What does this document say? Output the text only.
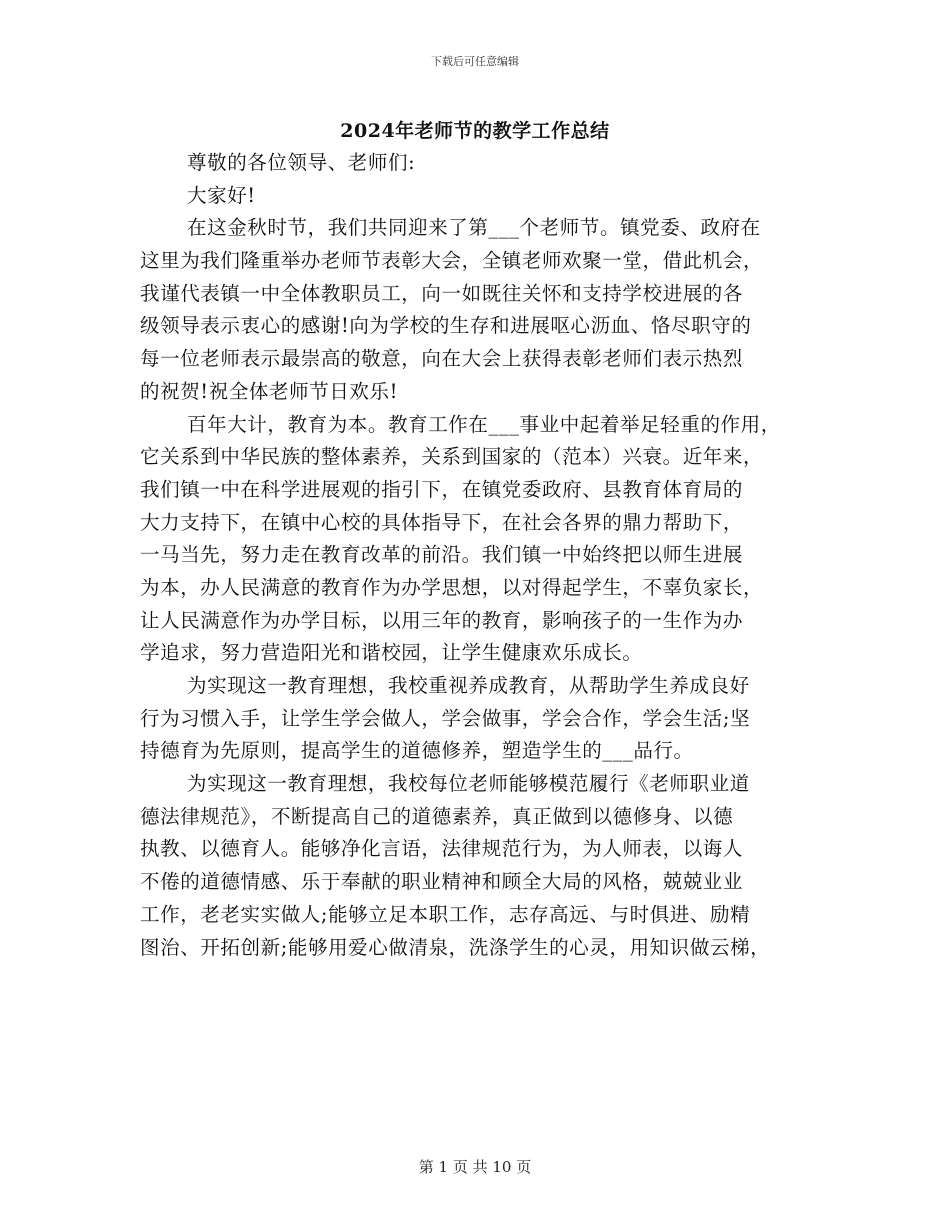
下载后可任意编辑
2024年老师节的教学工作总结
尊敬的各位领导、老师们:
大家好!
在这金秋时节，我们共同迎来了第___个老师节。镇党委、政府在
这里为我们隆重举办老师节表彰大会，全镇老师欢聚一堂，借此机会，
我谨代表镇一中全体教职员工，向一如既往关怀和支持学校进展的各
级领导表示衷心的感谢!向为学校的生存和进展呕心沥血、恪尽职守的
每一位老师表示最崇高的敬意，向在大会上获得表彰老师们表示热烈
的祝贺!祝全体老师节日欢乐!
百年大计，教育为本。教育工作在___事业中起着举足轻重的作用，
它关系到中华民族的整体素养，关系到国家的（范本）兴衰。近年来，
我们镇一中在科学进展观的指引下，在镇党委政府、县教育体育局的
大力支持下，在镇中心校的具体指导下，在社会各界的鼎力帮助下，
一马当先，努力走在教育改革的前沿。我们镇一中始终把以师生进展
为本，办人民满意的教育作为办学思想，以对得起学生，不辜负家长，
让人民满意作为办学目标，以用三年的教育，影响孩子的一生作为办
学追求，努力营造阳光和谐校园，让学生健康欢乐成长。
为实现这一教育理想，我校重视养成教育，从帮助学生养成良好
行为习惯入手，让学生学会做人，学会做事，学会合作，学会生活;坚
持德育为先原则，提高学生的道德修养，塑造学生的___品行。
为实现这一教育理想，我校每位老师能够模范履行《老师职业道
德法律规范》，不断提高自己的道德素养，真正做到以德修身、以德
执教、以德育人。能够净化言语，法律规范行为，为人师表，以诲人
不倦的道德情感、乐于奉献的职业精神和顾全大局的风格，兢兢业业
工作，老老实实做人;能够立足本职工作，志存高远、与时俱进、励精
图治、开拓创新;能够用爱心做清泉，洗涤学生的心灵，用知识做云梯，
第 1 页 共 10 页
